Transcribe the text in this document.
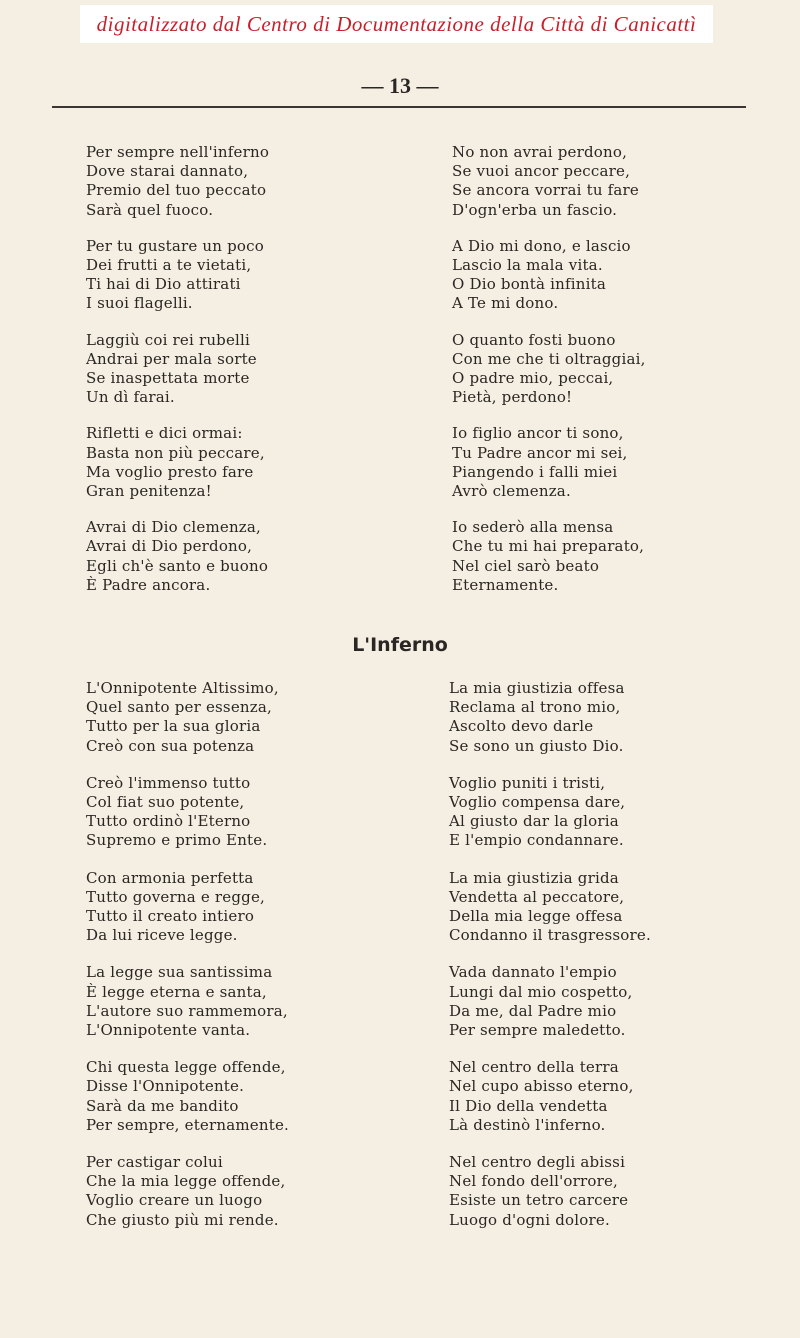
digitalizzato dal Centro di Documentazione della Città di Canicattì
— 13 —
Per sempre nell'inferno
Dove starai dannato,
Premio del tuo peccato
Sarà quel fuoco.
Per tu gustare un poco
Dei frutti a te vietati,
Ti hai di Dio attirati
I suoi flagelli.
Laggiù coi rei rubelli
Andrai per mala sorte
Se inaspettata morte
Un dì farai.
Rifletti e dici ormai:
Basta non più peccare,
Ma voglio presto fare
Gran penitenza!
Avrai di Dio clemenza,
Avrai di Dio perdono,
Egli ch'è santo e buono
È Padre ancora.
No non avrai perdono,
Se vuoi ancor peccare,
Se ancora vorrai tu fare
D'ogn'erba un fascio.
A Dio mi dono, e lascio
Lascio la mala vita.
O Dio bontà infinita
A Te mi dono.
O quanto fosti buono
Con me che ti oltraggiai,
O padre mio, peccai,
Pietà, perdono!
Io figlio ancor ti sono,
Tu Padre ancor mi sei,
Piangendo i falli miei
Avrò clemenza.
Io sederò alla mensa
Che tu mi hai preparato,
Nel ciel sarò beato
Eternamente.
L'Inferno
L'Onnipotente Altissimo,
Quel santo per essenza,
Tutto per la sua gloria
Creò con sua potenza
Creò l'immenso tutto
Col fiat suo potente,
Tutto ordinò l'Eterno
Supremo e primo Ente.
Con armonia perfetta
Tutto governa e regge,
Tutto il creato intiero
Da lui riceve legge.
La legge sua santissima
È legge eterna e santa,
L'autore suo rammemora,
L'Onnipotente vanta.
Chi questa legge offende,
Disse l'Onnipotente.
Sarà da me bandito
Per sempre, eternamente.
Per castigar colui
Che la mia legge offende,
Voglio creare un luogo
Che giusto più mi rende.
La mia giustizia offesa
Reclama al trono mio,
Ascolto devo darle
Se sono un giusto Dio.
Voglio puniti i tristi,
Voglio compensa dare,
Al giusto dar la gloria
E l'empio condannare.
La mia giustizia grida
Vendetta al peccatore,
Della mia legge offesa
Condanno il trasgressore.
Vada dannato l'empio
Lungi dal mio cospetto,
Da me, dal Padre mio
Per sempre maledetto.
Nel centro della terra
Nel cupo abisso eterno,
Il Dio della vendetta
Là destinò l'inferno.
Nel centro degli abissi
Nel fondo dell'orrore,
Esiste un tetro carcere
Luogo d'ogni dolore.
